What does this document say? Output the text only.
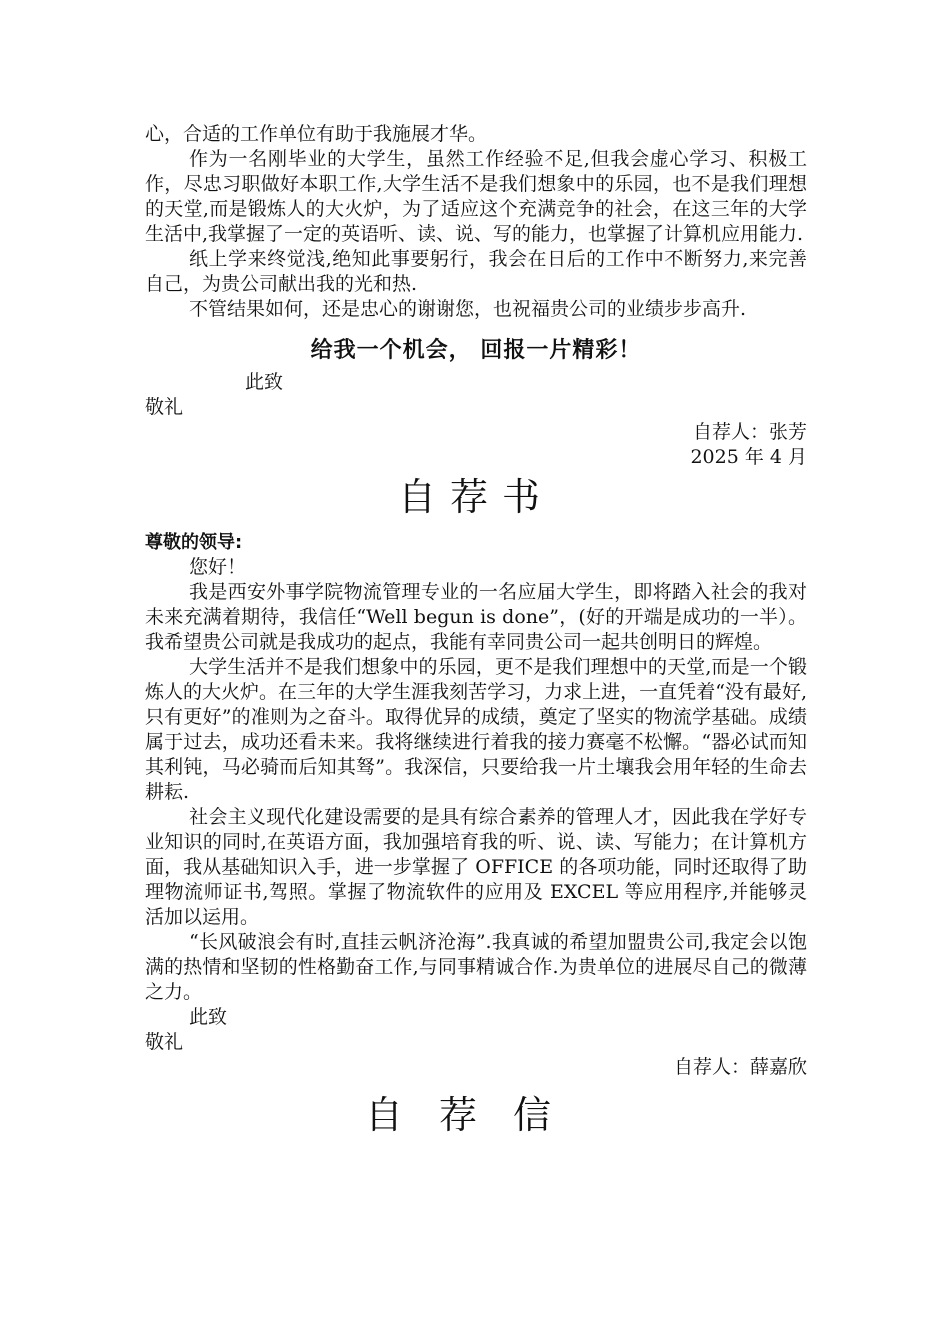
心，合适的工作单位有助于我施展才华。

作为一名刚毕业的大学生，虽然工作经验不足,但我会虚心学习、积极工作，尽忠习职做好本职工作,大学生活不是我们想象中的乐园，也不是我们理想的天堂,而是锻炼人的大火炉，为了适应这个充满竞争的社会，在这三年的大学生活中,我掌握了一定的英语听、读、说、写的能力，也掌握了计算机应用能力.

纸上学来终觉浅,绝知此事要躬行，我会在日后的工作中不断努力,来完善自己，为贵公司献出我的光和热.

不管结果如何，还是忠心的谢谢您，也祝福贵公司的业绩步步高升.

给我一个机会， 回报一片精彩！

此致

敬礼

自荐人：张芳

2025 年 4 月

自荐书

尊敬的领导:

您好！

我是西安外事学院物流管理专业的一名应届大学生，即将踏入社会的我对未来充满着期待，我信任“Well begun is done”，(好的开端是成功的一半）。我希望贵公司就是我成功的起点，我能有幸同贵公司一起共创明日的辉煌。

大学生活并不是我们想象中的乐园，更不是我们理想中的天堂,而是一个锻炼人的大火炉。在三年的大学生涯我刻苦学习，力求上进，一直凭着“没有最好,只有更好”的准则为之奋斗。取得优异的成绩，奠定了坚实的物流学基础。成绩属于过去，成功还看未来。我将继续进行着我的接力赛毫不松懈。“器必试而知其利钝，马必骑而后知其驽”。我深信，只要给我一片土壤我会用年轻的生命去耕耘.

社会主义现代化建设需要的是具有综合素养的管理人才，因此我在学好专业知识的同时,在英语方面，我加强培育我的听、说、读、写能力；在计算机方面，我从基础知识入手，进一步掌握了 OFFICE 的各项功能，同时还取得了助理物流师证书,驾照。掌握了物流软件的应用及 EXCEL 等应用程序,并能够灵活加以运用。

“长风破浪会有时,直挂云帆济沧海”.我真诚的希望加盟贵公司,我定会以饱满的热情和坚韧的性格勤奋工作,与同事精诚合作.为贵单位的进展尽自己的微薄之力。

此致

敬礼

自荐人：薛嘉欣

自荐信
